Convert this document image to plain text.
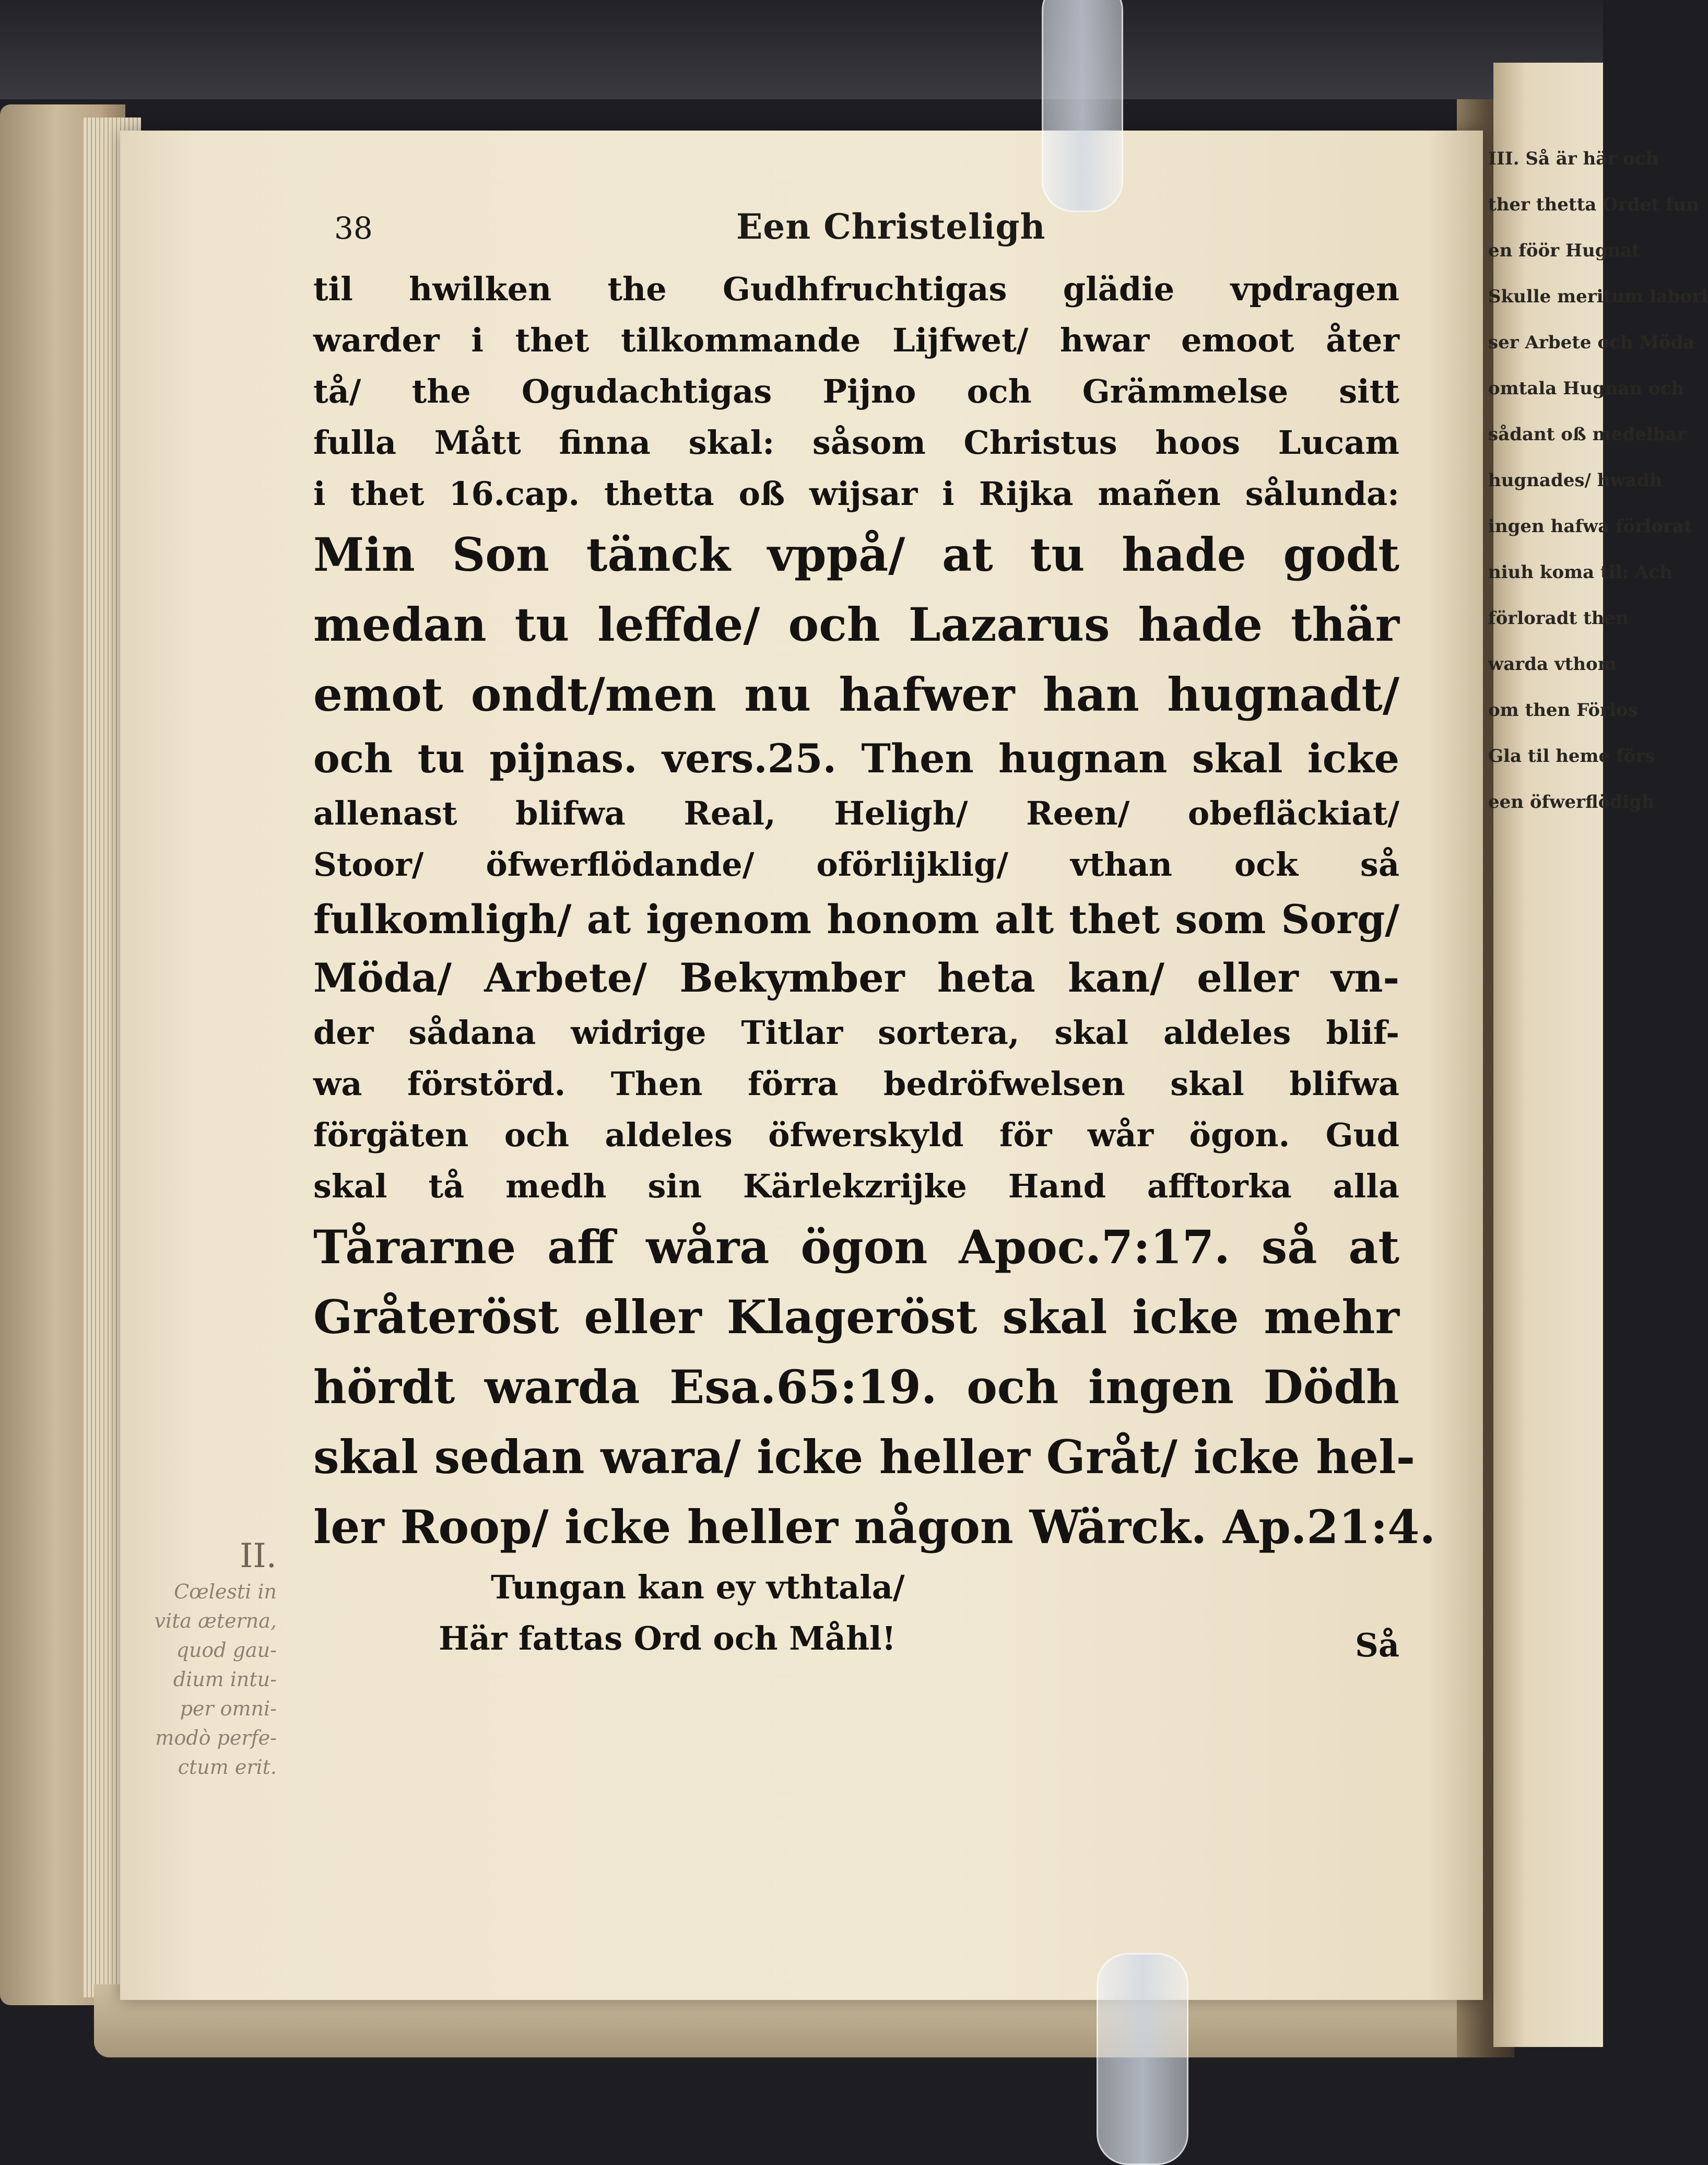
III. Så är här och
ther thetta Ordet fun
en föör Hugnat
Skulle meritum labori
ser Arbete och Möda
omtala Hugnan och
sådant oß medelbar
hugnades/ hwadh
ingen hafwa förlorat
niuh koma til: Ach
förloradt then
warda vthom
om then Förlos
Gla til heme förs
een öfwerflödigh
38	Een Christeligh
til hwilken the Gudhfruchtigas glädie vpdragen
warder i thet tilkommande Lijfwet/ hwar emoot åter
tå/ the Ogudachtigas Pijno och Grämmelse sitt
fulla Mått finna skal: såsom Christus hoos Lucam
i thet 16.cap. thetta oß wijsar i Rijka mañen sålunda:
Min Son tänck vppå/ at tu hade godt
medan tu leffde/ och Lazarus hade thär
emot ondt/men nu hafwer han hugnadt/
och tu pijnas. vers.25. Then hugnan skal icke
allenast blifwa Real, Heligh/ Reen/ obefläckiat/
Stoor/ öfwerflödande/ oförlijklig/ vthan ock så
fulkomligh/ at igenom honom alt thet som Sorg/
Möda/ Arbete/ Bekymber heta kan/ eller vn-
der sådana widrige Titlar sortera, skal aldeles blif-
wa förstörd. Then förra bedröfwelsen skal blifwa
förgäten och aldeles öfwerskyld för wår ögon. Gud
skal tå medh sin Kärlekzrijke Hand afftorka alla
Tårarne aff wåra ögon Apoc.7:17. så at
Gråteröst eller Klageröst skal icke mehr
hördt warda Esa.65:19. och ingen Dödh
skal sedan wara/ icke heller Gråt/ icke hel-
ler Roop/ icke heller någon Wärck. Ap.21:4.
Tungan kan ey vthtala/
Här fattas Ord och Måhl!	Så
II.
Cœlesti in
vita æterna,
quod gau-
dium intu-
per omni-
modò perfe-
ctum erit.
